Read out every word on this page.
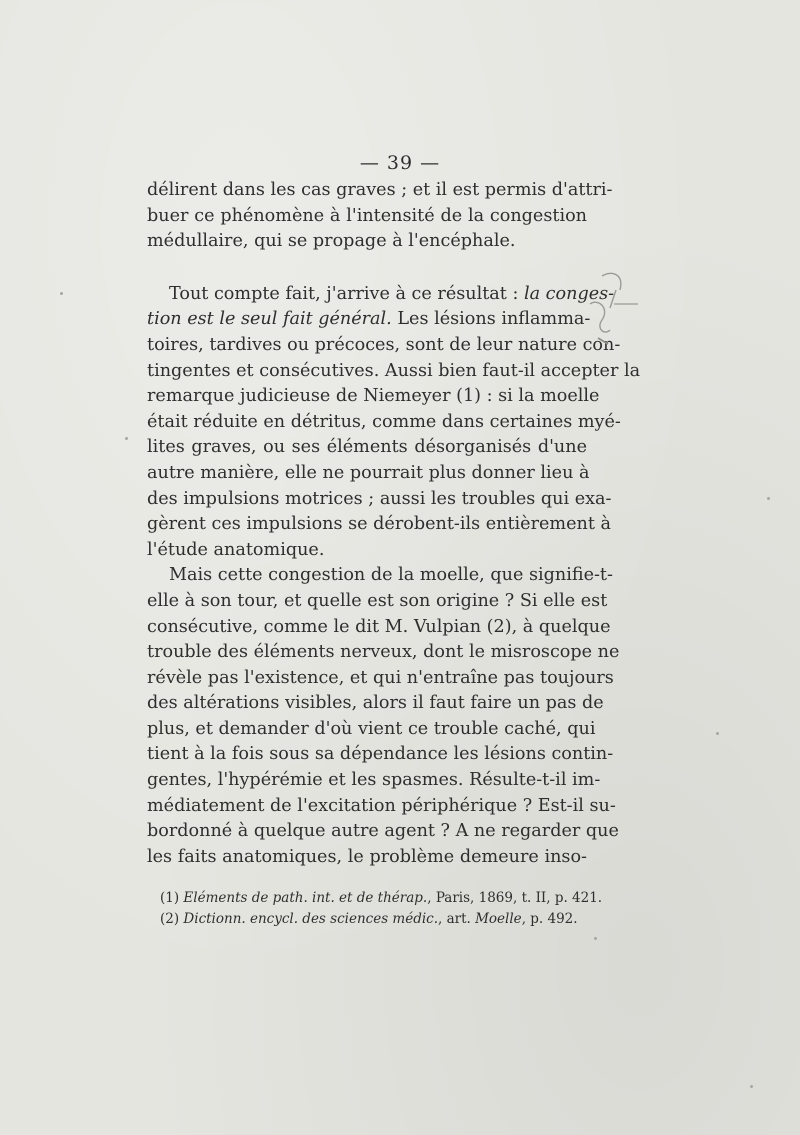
— 39 —
délirent dans les cas graves ; et il est permis d'attri-
buer ce phénomène à l'intensité de la congestion
médullaire, qui se propage à l'encéphale.
Tout compte fait, j'arrive à ce résultat : la conges-
tion est le seul fait général. Les lésions inflamma-
toires, tardives ou précoces, sont de leur nature con-
tingentes et consécutives. Aussi bien faut-il accepter la
remarque judicieuse de Niemeyer (1) : si la moelle
était réduite en détritus, comme dans certaines myé-
lites graves, ou ses éléments désorganisés d'une
autre manière, elle ne pourrait plus donner lieu à
des impulsions motrices ; aussi les troubles qui exa-
gèrent ces impulsions se dérobent-ils entièrement à
l'étude anatomique.
Mais cette congestion de la moelle, que signifie-t-
elle à son tour, et quelle est son origine ? Si elle est
consécutive, comme le dit M. Vulpian (2), à quelque
trouble des éléments nerveux, dont le misroscope ne
révèle pas l'existence, et qui n'entraîne pas toujours
des altérations visibles, alors il faut faire un pas de
plus, et demander d'où vient ce trouble caché, qui
tient à la fois sous sa dépendance les lésions contin-
gentes, l'hypérémie et les spasmes. Résulte-t-il im-
médiatement de l'excitation périphérique ? Est-il su-
bordonné à quelque autre agent ? A ne regarder que
les faits anatomiques, le problème demeure inso-
(1) Eléments de path. int. et de thérap., Paris, 1869, t. II, p. 421.
(2) Dictionn. encycl. des sciences médic., art. Moelle, p. 492.
